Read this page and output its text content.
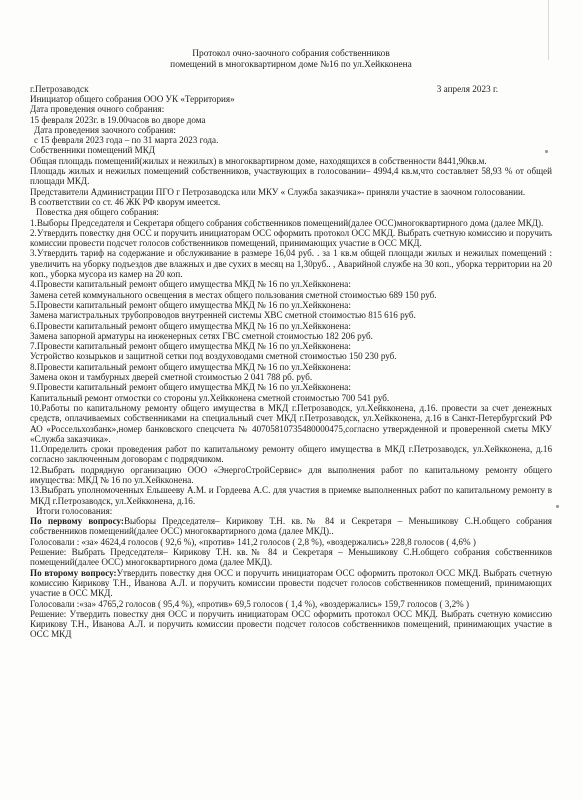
Протокол очно-заочного собрания собственников
помещений в многоквартирном доме №16 по ул.Хейкконена
г.Петрозаводск	3 апреля 2023 г.

Инициатор общего собрания ООО УК «Территория»

Дата проведения очного собрания:

15 февраля 2023г. в 19.00часов во дворе дома

Дата проведения заочного собрания:

с 15 февраля 2023 года – по 31 марта 2023 года.

Собственники помещений МКД

Общая площадь помещений(жилых и нежилых) в многоквартирном доме, находящихся в собственности 8441,90кв.м.

Площадь жилых и нежилых помещений собственников, участвующих в голосовании– 4994,4 кв.м,что составляет 58,93 % от общей площади МКД.

Представители Администрации ПГО г Петрозаводска или МКУ « Служба заказчика»- приняли участие в заочном голосовании.

В соответствии со ст. 46 ЖК РФ кворум имеется.

Повестка дня общего собрания:

1.Выборы Председателя и Секретаря общего собрания собственников помещений(далее ОСС)многоквартирного дома (далее МКД).

2.Утвердить повестку дня ОСС и поручить инициаторам ОСС оформить протокол ОСС МКД. Выбрать счетную комиссию и поручить комиссии провести подсчет голосов собственников помещений, принимающих участие в ОСС МКД.

3.Утвердить тариф на содержание и обслуживание в размере 16,04 руб. . за 1 кв.м общей площади жилых и нежилых помещений : увеличить на уборку подъездов две влажных и две сухих в месяц на 1,30руб.. , Аварийной службе на 30 коп., уборка территории на 20 коп., уборка мусора из камер на 20 коп.

4.Провести капитальный ремонт общего имущества МКД № 16 по ул.Хейкконена:

Замена сетей коммунального освещения в местах общего пользования сметной стоимостью 689 150 руб.

5.Провести капитальный ремонт общего имущества МКД № 16 по ул.Хейкконена:

Замена магистральных трубопроводов внутренней системы ХВС сметной стоимостью 815 616 руб.

6.Провести капитальный ремонт общего имущества МКД № 16 по ул.Хейкконена:

Замена запорной арматуры на инженерных сетях ГВС сметной стоимостью 182 206 руб.

7.Провести капитальный ремонт общего имущества МКД № 16 по ул.Хейкконена:

Устройство козырьков и защитной сетки под воздуховодами сметной стоимостью 150 230 руб.

8.Провести капитальный ремонт общего имущества МКД № 16 по ул.Хейкконена:

Замена окон и тамбурных дверей сметной стоимостью 2 041 788 рб. руб.

9.Провести капитальный ремонт общего имущества МКД № 16 по ул.Хейкконена:

Капитальный ремонт отмостки со стороны ул.Хейкконена сметной стоимостью 700 541 руб.

10.Работы по капитальному ремонту общего имущества в МКД г.Петрозаводск, ул.Хейкконена, д.16. провести за счет денежных средств, оплачиваемых собственниками на специальный счет МКД г.Петрозаводск, ул.Хейкконена, д.16 в Санкт-Петербургский РФ АО «Россельхозбанк»,номер банковского спецсчета № 40705810735480000475,согласно утвержденной и проверенной сметы МКУ «Служба заказчика».

11.Определить сроки проведения работ по капитальному ремонту общего имущества в МКД г.Петрозаводск, ул.Хейкконена, д.16 согласно заключенным договорам с подрядчиком.

12.Выбрать подрядную организацию ООО «ЭнергоСтройСервис» для выполнения работ по капитальному ремонту общего имущества: МКД № 16 по ул.Хейкконена.

13.Выбрать уполномоченных Ельшееву А.М. и Гордеева А.С. для участия в приемке выполненных работ по капитальному ремонту в МКД г.Петрозаводск, ул.Хейкконена, д.16.

Итоги голосования:

По первому вопросу:Выборы Председателя– Кирикову Т.Н. кв.№ 84 и Секретаря – Меньшикову С.Н.общего собрания собственников помещений(далее ОСС) многоквартирного дома (далее МКД)..

Голосовали : «за» 4624,4 голосов ( 92,6 %), «против» 141,2 голосов ( 2,8 %), «воздержались» 228,8 голосов ( 4,6% )

Решение: Выбрать Председателя– Кирикову Т.Н. кв.№ 84 и Секретаря – Меньшикову С.Н.общего собрания собственников помещений(далее ОСС) многоквартирного дома (далее МКД).

По второму вопросу:Утвердить повестку дня ОСС и поручить инициаторам ОСС оформить протокол ОСС МКД. Выбрать счетную комиссию Кирикову Т.Н., Иванова А.Л. и поручить комиссии провести подсчет голосов собственников помещений, принимающих участие в ОСС МКД.

Голосовали :«за» 4765,2 голосов ( 95,4 %), «против» 69,5 голосов ( 1,4 %), «воздержались» 159,7 голосов ( 3,2% )

Решение: Утвердить повестку дня ОСС и поручить инициаторам ОСС оформить протокол ОСС МКД. Выбрать счетную комиссию Кирикову Т.Н., Иванова А.Л. и поручить комиссии провести подсчет голосов собственников помещений, принимающих участие в ОСС МКД
